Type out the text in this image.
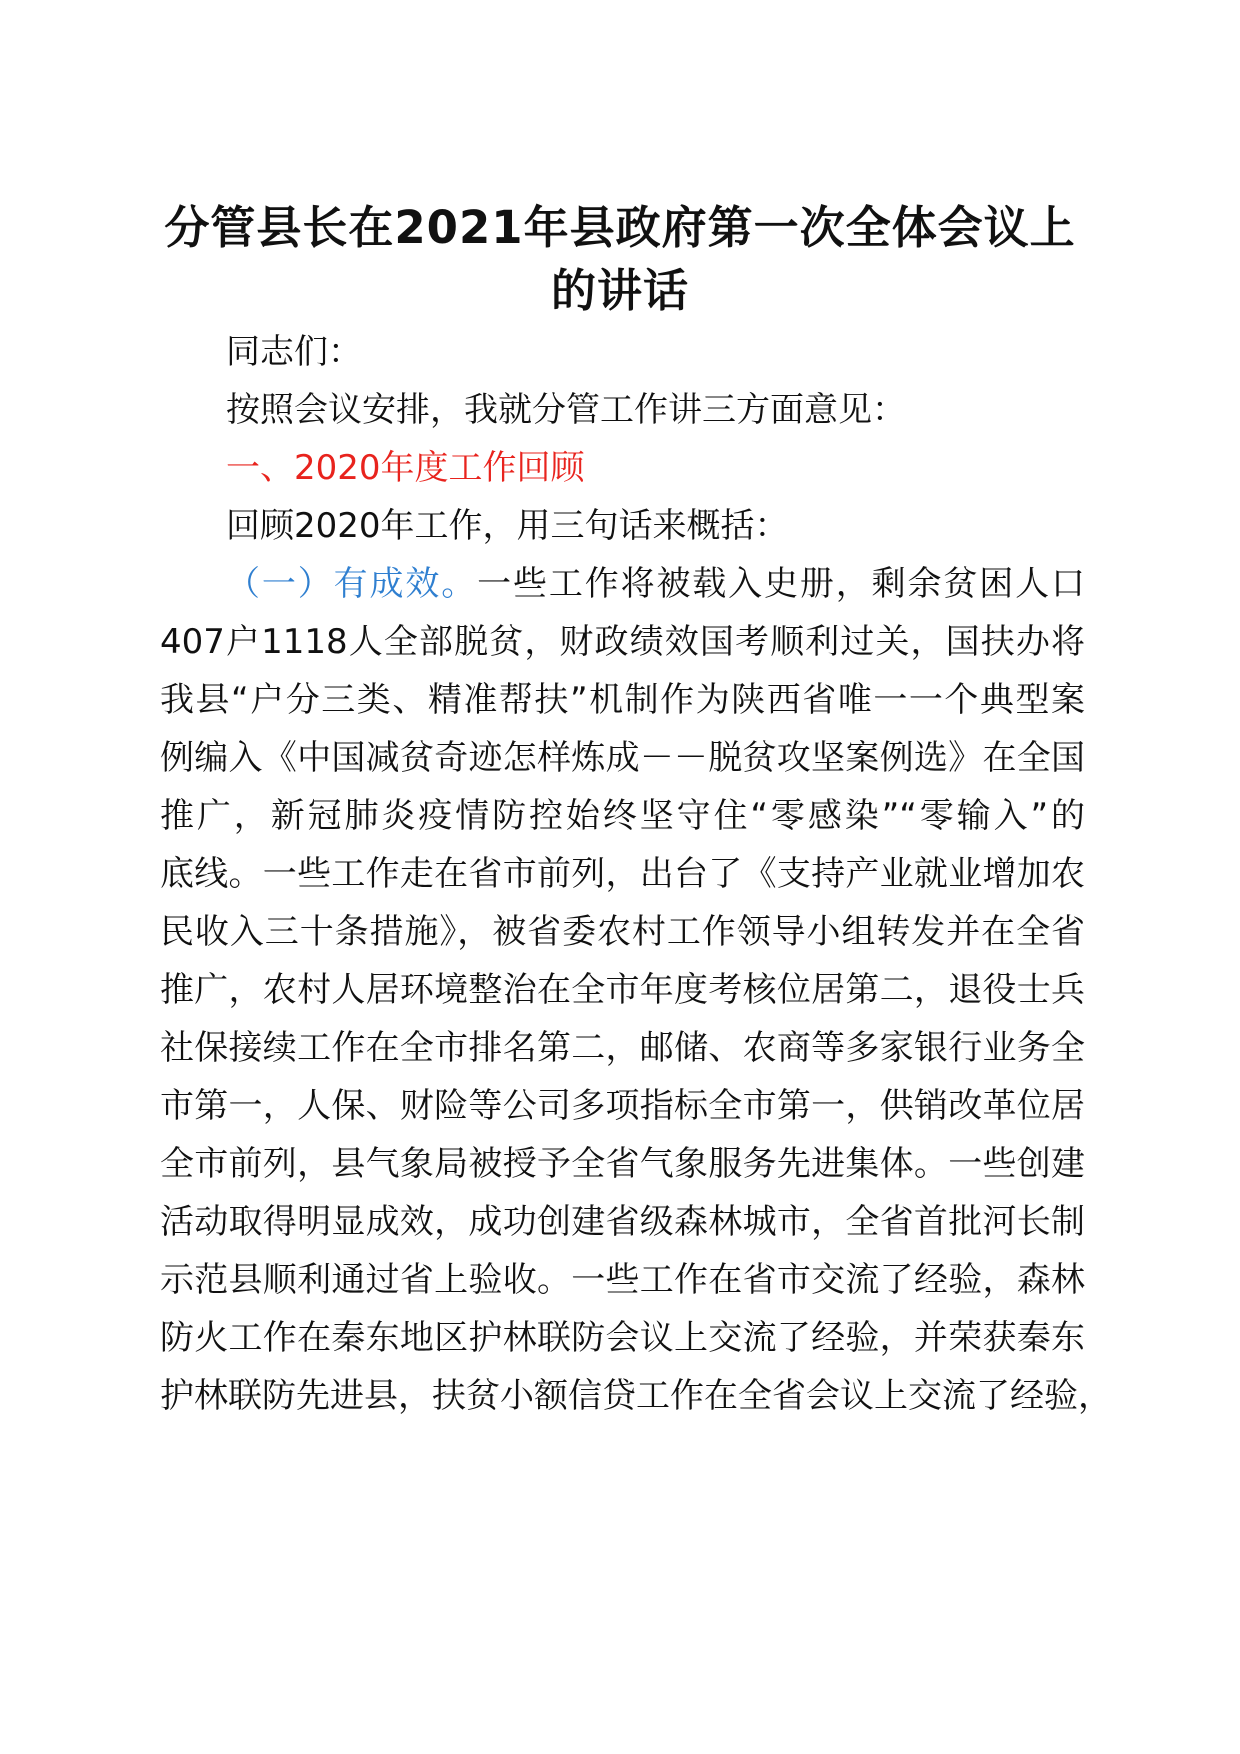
分管县长在2021年县政府第一次全体会议上
的讲话
同志们：
按照会议安排，我就分管工作讲三方面意见：
一、2020年度工作回顾
回顾2020年工作，用三句话来概括：
（一）有成效。一些工作将被载入史册，剩余贫困人口
407户1118人全部脱贫，财政绩效国考顺利过关，国扶办将
我县“户分三类、精准帮扶”机制作为陕西省唯一一个典型案
例编入《中国减贫奇迹怎样炼成－－脱贫攻坚案例选》在全国
推广，新冠肺炎疫情防控始终坚守住“零感染”“零输入”的
底线。一些工作走在省市前列，出台了《支持产业就业增加农
民收入三十条措施》，被省委农村工作领导小组转发并在全省
推广，农村人居环境整治在全市年度考核位居第二，退役士兵
社保接续工作在全市排名第二，邮储、农商等多家银行业务全
市第一，人保、财险等公司多项指标全市第一，供销改革位居
全市前列，县气象局被授予全省气象服务先进集体。一些创建
活动取得明显成效，成功创建省级森林城市，全省首批河长制
示范县顺利通过省上验收。一些工作在省市交流了经验，森林
防火工作在秦东地区护林联防会议上交流了经验，并荣获秦东
护林联防先进县，扶贫小额信贷工作在全省会议上交流了经验，
